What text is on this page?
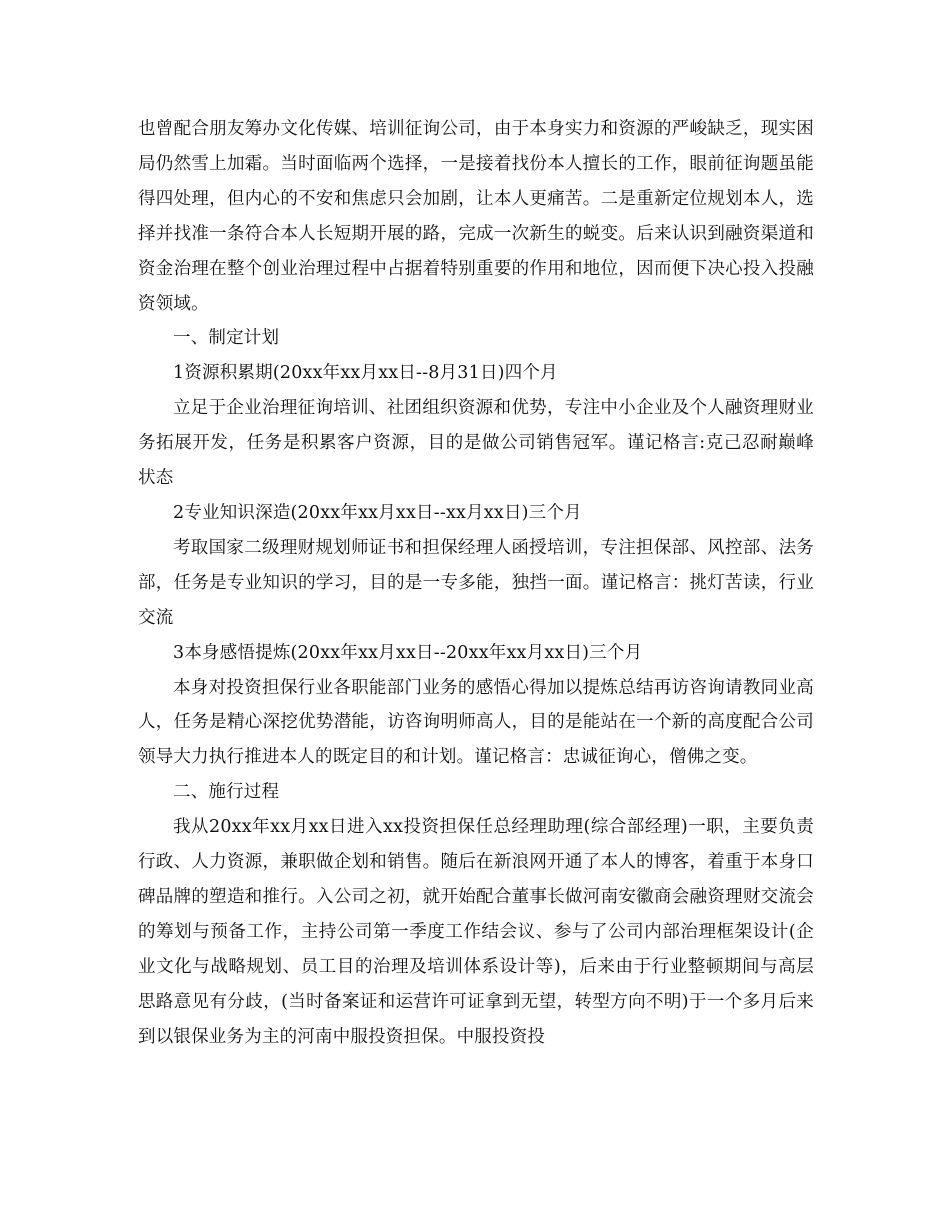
也曾配合朋友筹办文化传媒、培训征询公司，由于本身实力和资源的严峻缺乏，现实困局仍然雪上加霜。当时面临两个选择，一是接着找份本人擅长的工作，眼前征询题虽能得四处理，但内心的不安和焦虑只会加剧，让本人更痛苦。二是重新定位规划本人，选择并找准一条符合本人长短期开展的路，完成一次新生的蜕变。后来认识到融资渠道和资金治理在整个创业治理过程中占据着特别重要的作用和地位，因而便下决心投入投融资领域。

一、制定计划

1资源积累期(20xx年xx月xx日--8月31日)四个月

立足于企业治理征询培训、社团组织资源和优势，专注中小企业及个人融资理财业务拓展开发，任务是积累客户资源，目的是做公司销售冠军。谨记格言:克己忍耐巅峰状态

2专业知识深造(20xx年xx月xx日--xx月xx日)三个月

考取国家二级理财规划师证书和担保经理人函授培训，专注担保部、风控部、法务部，任务是专业知识的学习，目的是一专多能，独挡一面。谨记格言：挑灯苦读，行业交流

3本身感悟提炼(20xx年xx月xx日--20xx年xx月xx日)三个月

本身对投资担保行业各职能部门业务的感悟心得加以提炼总结再访咨询请教同业高人，任务是精心深挖优势潜能，访咨询明师高人，目的是能站在一个新的高度配合公司领导大力执行推进本人的既定目的和计划。谨记格言：忠诚征询心，僧佛之变。

二、施行过程

我从20xx年xx月xx日进入xx投资担保任总经理助理(综合部经理)一职，主要负责行政、人力资源，兼职做企划和销售。随后在新浪网开通了本人的博客，着重于本身口碑品牌的塑造和推行。入公司之初，就开始配合董事长做河南安徽商会融资理财交流会的筹划与预备工作，主持公司第一季度工作结会议、参与了公司内部治理框架设计(企业文化与战略规划、员工目的治理及培训体系设计等)，后来由于行业整顿期间与高层思路意见有分歧，(当时备案证和运营许可证拿到无望，转型方向不明)于一个多月后来到以银保业务为主的河南中服投资担保。中服投资投
